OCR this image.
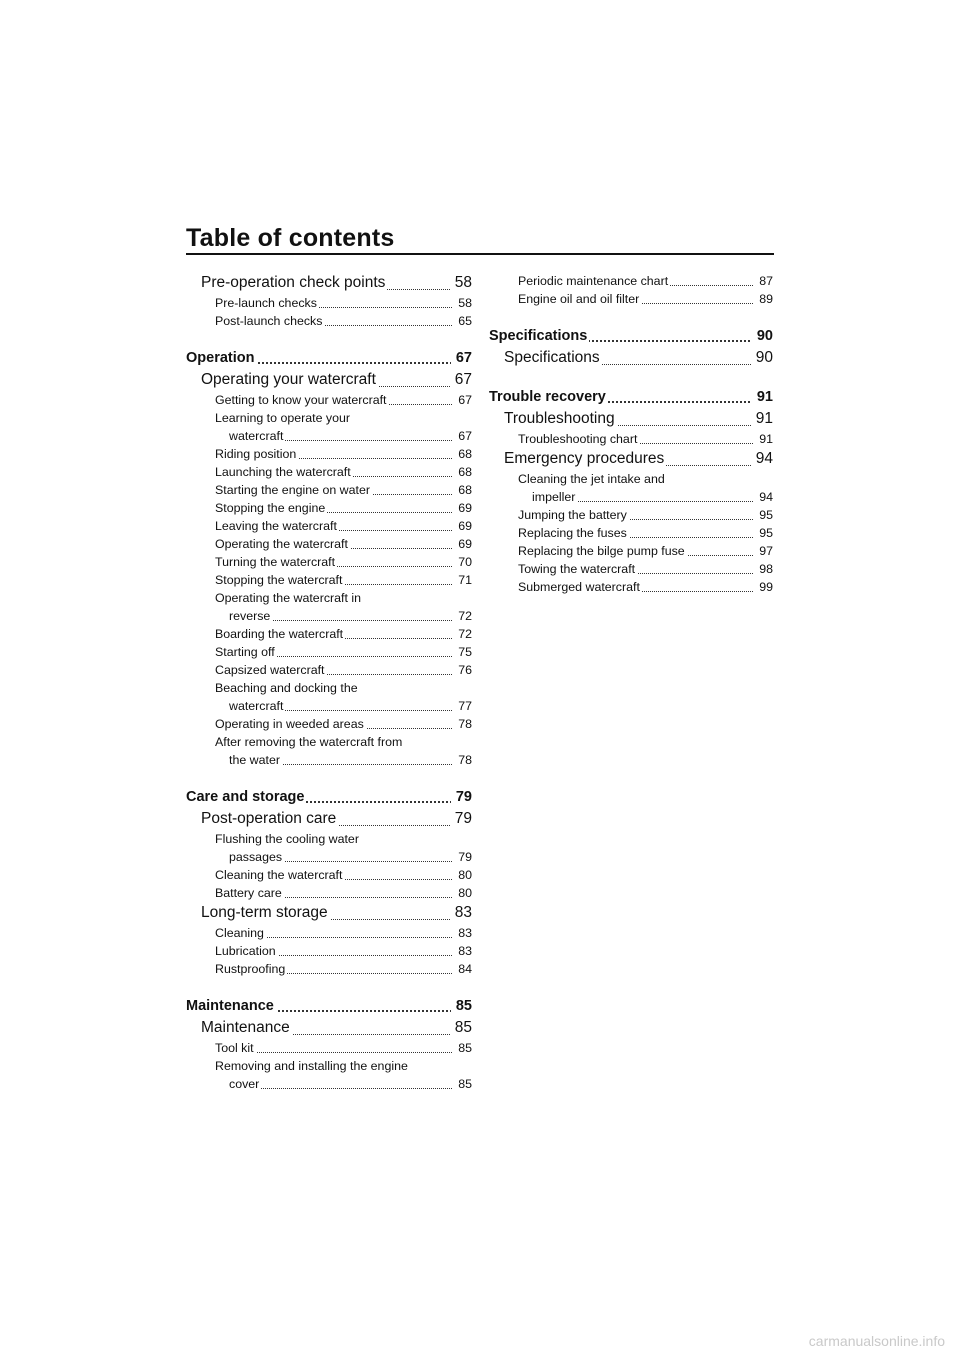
Table of contents
Pre-operation check points	58
Pre-launch checks	58
Post-launch checks	65
Operation	67
Operating your watercraft	67
Getting to know your watercraft	67
Learning to operate your
watercraft	67
Riding position	68
Launching the watercraft	68
Starting the engine on water	68
Stopping the engine	69
Leaving the watercraft	69
Operating the watercraft	69
Turning the watercraft	70
Stopping the watercraft	71
Operating the watercraft in
reverse	72
Boarding the watercraft	72
Starting off	75
Capsized watercraft	76
Beaching and docking the
watercraft	77
Operating in weeded areas	78
After removing the watercraft from
the water	78
Care and storage	79
Post-operation care	79
Flushing the cooling water
passages	79
Cleaning the watercraft	80
Battery care	80
Long-term storage	83
Cleaning	83
Lubrication	83
Rustproofing	84
Maintenance	85
Maintenance	85
Tool kit	85
Removing and installing the engine
cover	85
Periodic maintenance chart	87
Engine oil and oil filter	89
Specifications	90
Specifications	90
Trouble recovery	91
Troubleshooting	91
Troubleshooting chart	91
Emergency procedures	94
Cleaning the jet intake and
impeller	94
Jumping the battery	95
Replacing the fuses	95
Replacing the bilge pump fuse	97
Towing the watercraft	98
Submerged watercraft	99
carmanualsonline.info
